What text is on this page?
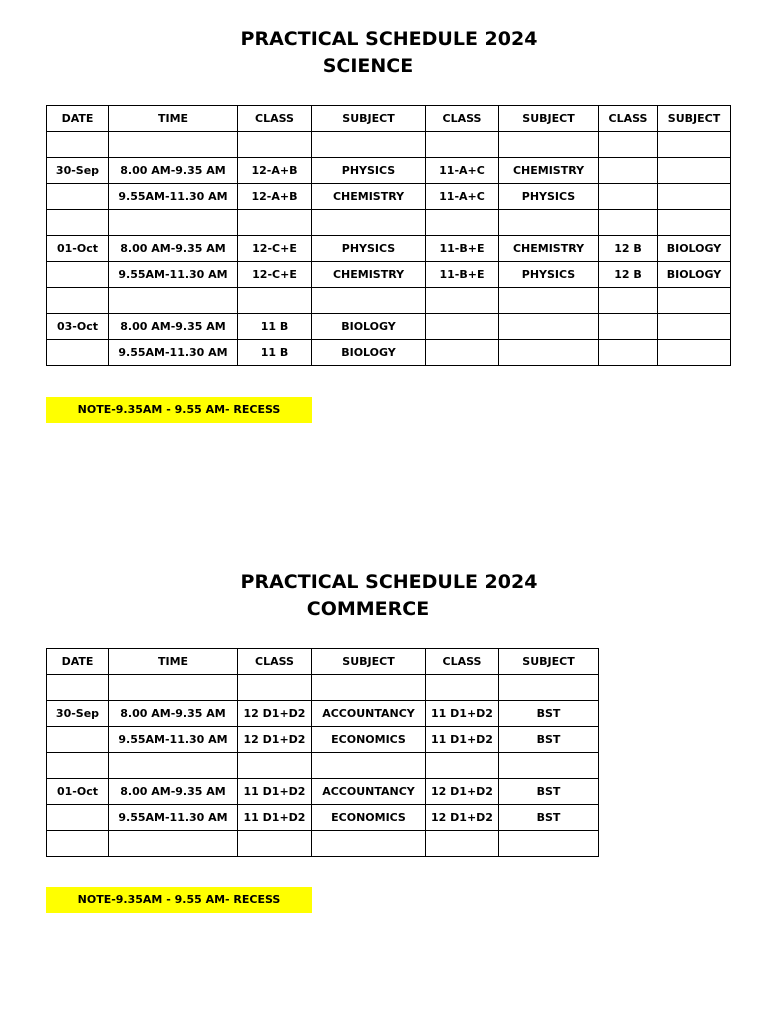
PRACTICAL SCHEDULE 2024
SCIENCE
DATE	TIME	CLASS	SUBJECT	CLASS	SUBJECT	CLASS	SUBJECT

30-Sep	8.00 AM-9.35 AM	12-A+B	PHYSICS	11-A+C	CHEMISTRY		
	9.55AM-11.30 AM	12-A+B	CHEMISTRY	11-A+C	PHYSICS		

01-Oct	8.00 AM-9.35 AM	12-C+E	PHYSICS	11-B+E	CHEMISTRY	12 B	BIOLOGY
	9.55AM-11.30 AM	12-C+E	CHEMISTRY	11-B+E	PHYSICS	12 B	BIOLOGY

03-Oct	8.00 AM-9.35 AM	11 B	BIOLOGY				
	9.55AM-11.30 AM	11 B	BIOLOGY				
NOTE-9.35AM - 9.55 AM- RECESS
PRACTICAL SCHEDULE 2024
COMMERCE
DATE	TIME	CLASS	SUBJECT	CLASS	SUBJECT

30-Sep	8.00 AM-9.35 AM	12 D1+D2	ACCOUNTANCY	11 D1+D2	BST
	9.55AM-11.30 AM	12 D1+D2	ECONOMICS	11 D1+D2	BST

01-Oct	8.00 AM-9.35 AM	11 D1+D2	ACCOUNTANCY	12 D1+D2	BST
	9.55AM-11.30 AM	11 D1+D2	ECONOMICS	12 D1+D2	BST

NOTE-9.35AM - 9.55 AM- RECESS
